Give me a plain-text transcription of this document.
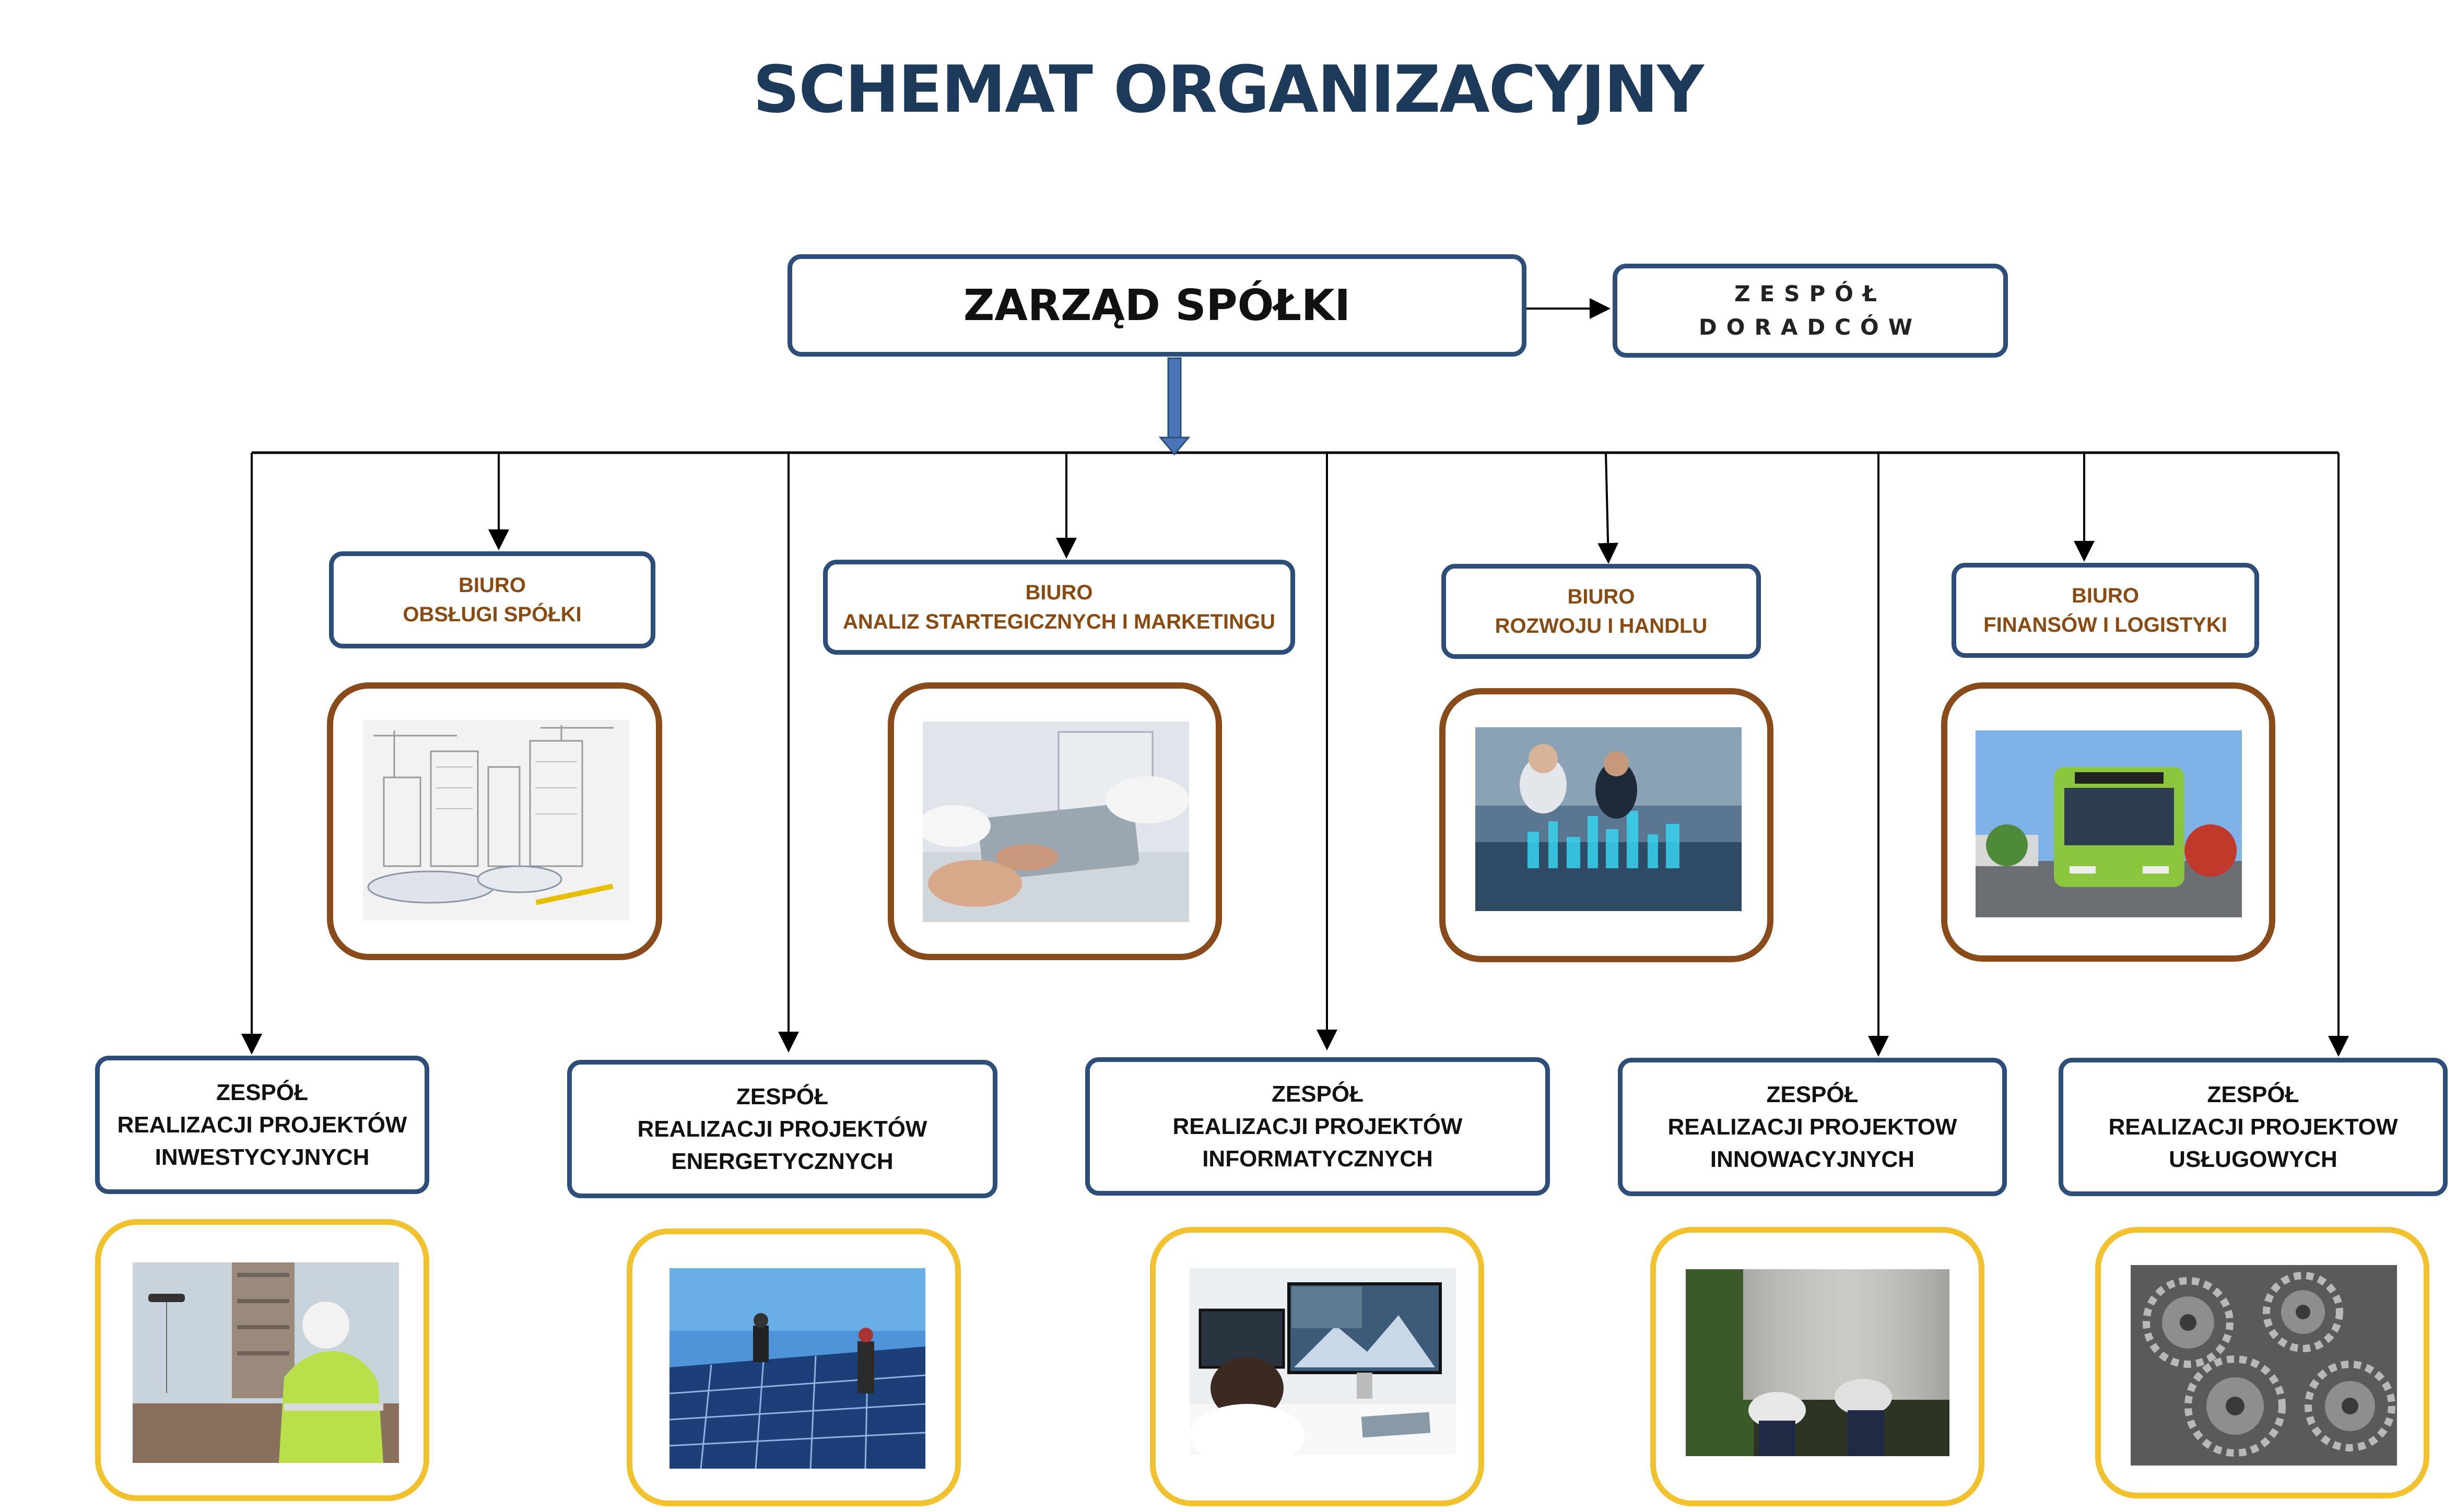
SCHEMAT ORGANIZACYJNY
ZARZĄD SPÓŁKI	ZESPÓŁ
DORADCÓW
BIURO
OBSŁUGI SPÓŁKI
BIURO
ANALIZ STARTEGICZNYCH I MARKETINGU
BIURO
ROZWOJU I HANDLU
BIURO
FINANSÓW I LOGISTYKI
ZESPÓŁ
REALIZACJI PROJEKTÓW
INWESTYCYJNYCH
ZESPÓŁ
REALIZACJI PROJEKTÓW
ENERGETYCZNYCH
ZESPÓŁ
REALIZACJI PROJEKTÓW
INFORMATYCZNYCH
ZESPÓŁ
REALIZACJI PROJEKTOW
INNOWACYJNYCH
ZESPÓŁ
REALIZACJI PROJEKTOW
USŁUGOWYCH
